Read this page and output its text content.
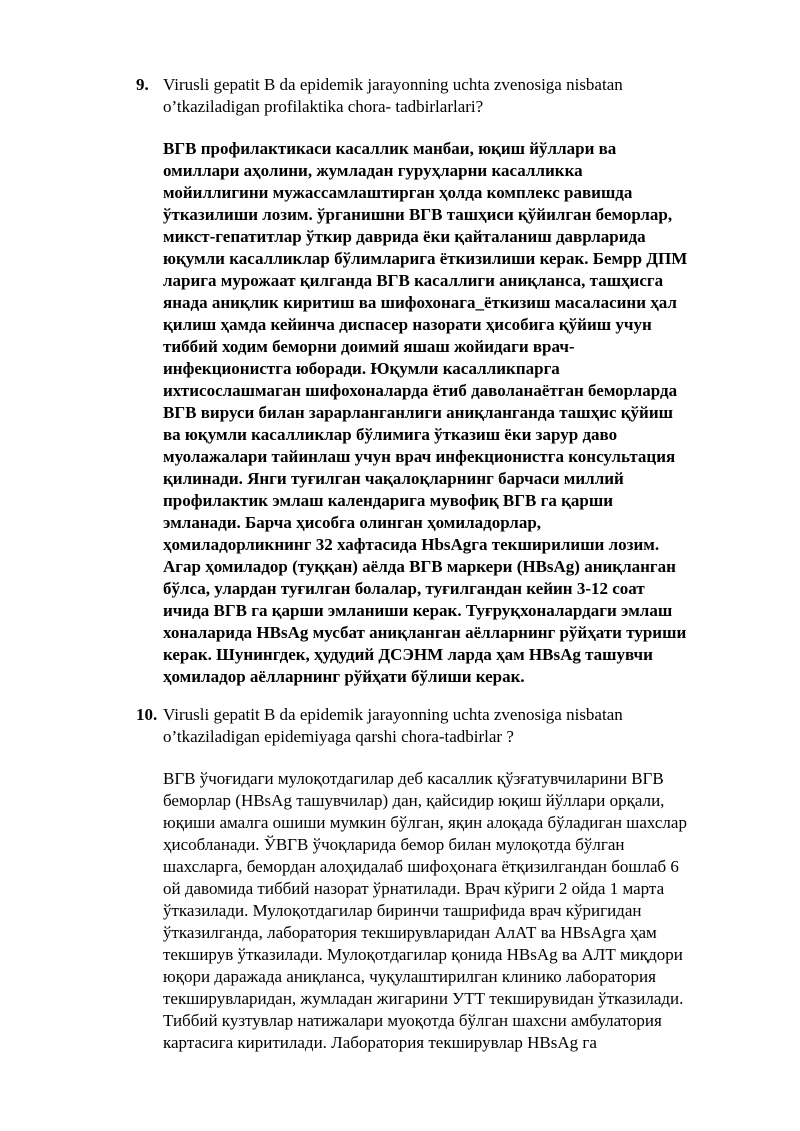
9. Virusli gepatit B da epidemik jarayonning uchta zvenosiga nisbatan
o’tkaziladigan profilaktika chora- tadbirlarlari?
ВГВ профилактикаси касаллик манбаи, юқиш йўллари ва
омиллари аҳолини, жумладан гуруҳларни касалликка
мойиллигини мужассамлаштирган ҳолда комплекс равишда
ўтказилиши лозим. ўрганишни ВГВ ташҳиси қўйилган беморлар,
микст-гепатитлар ўткир даврида ёки қайталаниш даврларида
юқумли касалликлар бўлимларига ёткизилиши керак. Бемрр ДПМ
ларига мурожаат қилганда ВГВ касаллиги аниқланса, ташҳисга
янада аниқлик киритиш ва шифохонага_ёткизиш масаласини ҳал
қилиш ҳамда кейинча диспасер назорати ҳисобига қўйиш учун
тиббий ходим беморни доимий яшаш жойидаги врач-
инфекционистга юборади. Юқумли касалликпарга
ихтисослашмаган шифохоналарда ётиб даволанаётган беморларда
ВГВ вируси билан зарарланганлиги аниқланганда ташҳис қўйиш
ва юқумли касалликлар бўлимига ўтказиш ёки зарур даво
муолажалари тайинлаш учун врач инфекционистга консультация
қилинади. Янги туғилган чақалоқларнинг барчаси миллий
профилактик эмлаш календарига мувофиқ ВГВ га қарши
эмланади. Барча ҳисобга олинган ҳомиладорлар,
ҳомиладорликнинг 32 хафтасида HbsAgга текширилиши лозим.
Агар ҳомиладор (туққан) аёлда ВГВ маркери (HBsAg) аниқланган
бўлса, улардан туғилган болалар, туғилгандан кейин 3-12 соат
ичида ВГВ га қарши эмланиши керак. Туғруқхоналардаги эмлаш
хоналарида HBsAg мусбат аниқланган аёлларнинг рўйҳати туриши
керак. Шунингдек, ҳудудий ДСЭНМ ларда ҳам HBsAg ташувчи
ҳомиладор аёлларнинг рўйҳати бўлиши керак.
10. Virusli gepatit B da epidemik jarayonning uchta zvenosiga nisbatan
o’tkaziladigan epidemiyaga qarshi chora-tadbirlar ?
ВГВ ўчоғидаги мулоқотдагилар деб касаллик қўзғатувчиларини ВГВ
беморлар (HBsAg ташувчилар) дан, қайсидир юқиш йўллари орқали,
юқиши амалга ошиши мумкин бўлган, яқин алоқада бўладиган шахслар
ҳисобланади. ЎВГВ ўчоқларида бемор билан мулоқотда бўлган
шахсларга, бемордан алоҳидалаб шифоҳонага ётқизилгандан бошлаб 6
ой давомида тиббий назорат ўрнатилади. Врач кўриги 2 ойда 1 марта
ўтказилади. Мулоқотдагилар биринчи ташрифида врач кўригидан
ўтказилганда, лаборатория текширувларидан АлАТ ва HBsAgга ҳам
текширув ўтказилади. Мулоқотдагилар қонида HBsAg ва АЛТ миқдори
юқори даражада аниқланса, чуқулаштирилган клинико лаборатория
текширувларидан, жумладан жигарини УТТ текширувидан ўтказилади.
Тиббий кузтувлар натижалари муоқотда бўлган шахсни амбулатория
картасига киритилади. Лаборатория текширувлар HBsAg га
